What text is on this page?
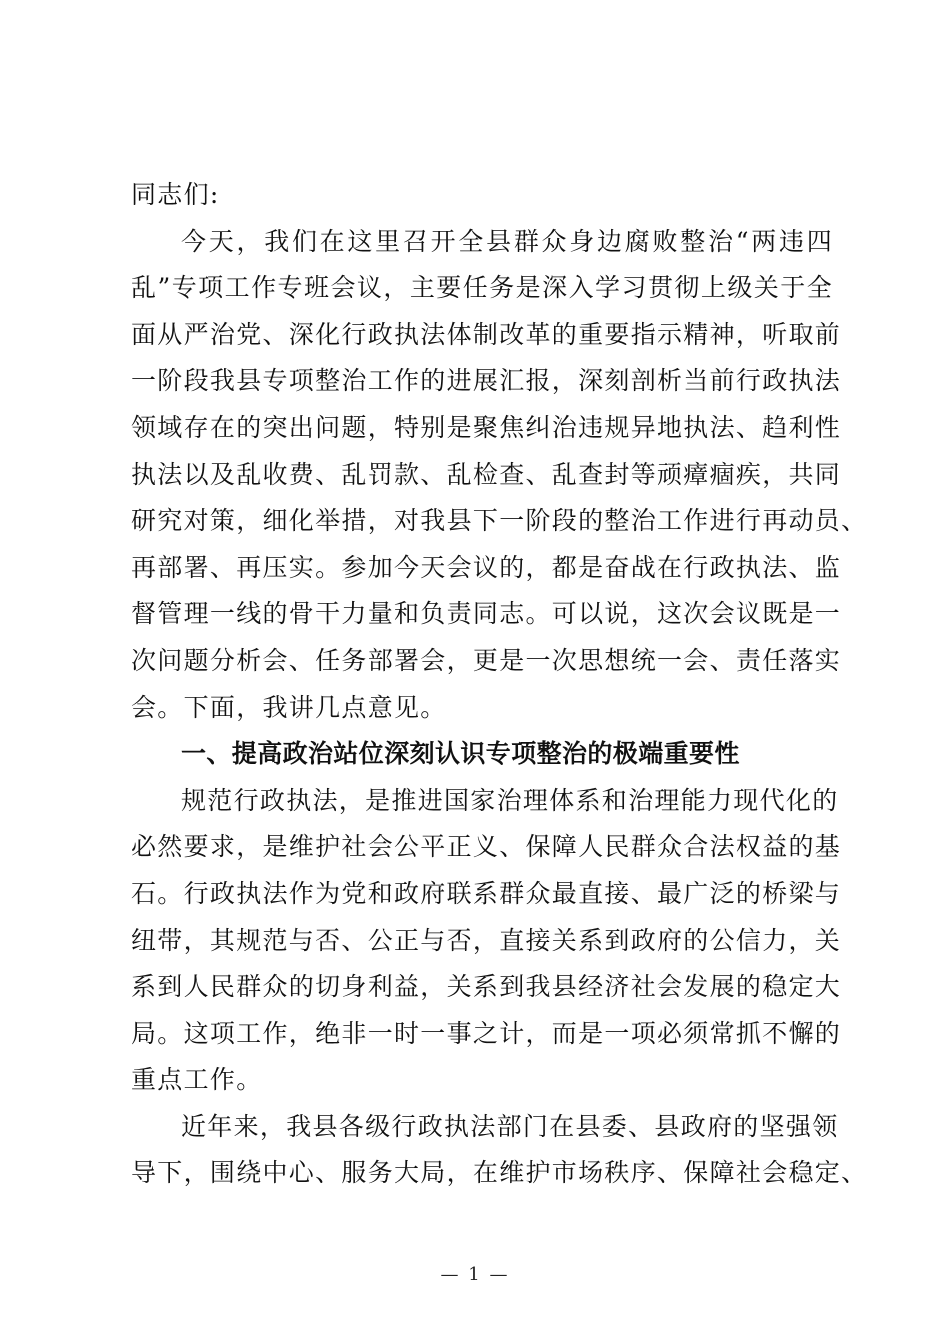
同志们:
今天，我们在这里召开全县群众身边腐败整治“两违四
乱”专项工作专班会议，主要任务是深入学习贯彻上级关于全
面从严治党、深化行政执法体制改革的重要指示精神，听取前
一阶段我县专项整治工作的进展汇报，深刻剖析当前行政执法
领域存在的突出问题，特别是聚焦纠治违规异地执法、趋利性
执法以及乱收费、乱罚款、乱检查、乱查封等顽瘴痼疾，共同
研究对策，细化举措，对我县下一阶段的整治工作进行再动员、
再部署、再压实。参加今天会议的，都是奋战在行政执法、监
督管理一线的骨干力量和负责同志。可以说，这次会议既是一
次问题分析会、任务部署会，更是一次思想统一会、责任落实
会。下面，我讲几点意见。
一、提高政治站位深刻认识专项整治的极端重要性
规范行政执法，是推进国家治理体系和治理能力现代化的
必然要求，是维护社会公平正义、保障人民群众合法权益的基
石。行政执法作为党和政府联系群众最直接、最广泛的桥梁与
纽带，其规范与否、公正与否，直接关系到政府的公信力，关
系到人民群众的切身利益，关系到我县经济社会发展的稳定大
局。这项工作，绝非一时一事之计，而是一项必须常抓不懈的
重点工作。
近年来，我县各级行政执法部门在县委、县政府的坚强领
导下，围绕中心、服务大局，在维护市场秩序、保障社会稳定、
— 1 —
